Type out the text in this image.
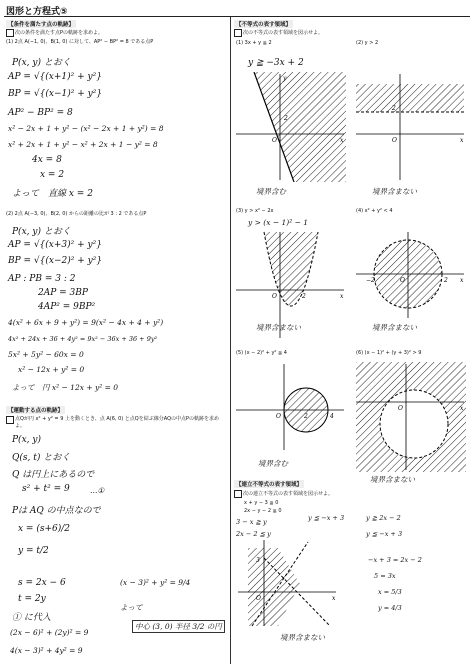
図形と方程式⑤
【条件を満たす点の軌跡】
次の条件を満たす点Pの軌跡を求めよ。
(1) 2点 A(−1, 0)、B(1, 0) に対して、AP² − BP² = 8 である点P
P(x, y) とおく
AP = √{(x+1)² + y²}
BP = √{(x−1)² + y²}
AP² − BP² = 8
x² − 2x + 1 + y² − (x² − 2x + 1 + y²) = 8
x² + 2x + 1 + y² − x² + 2x + 1 − y² = 8
4x = 8
x = 2
よって　直線 x = 2
(2) 2点 A(−3, 0)、B(2, 0) からの距離の比が 3 : 2 である点P
P(x, y) とおく
AP = √{(x+3)² + y²}
BP = √{(x−2)² + y²}
AP : PB = 3 : 2
2AP = 3BP
4AP² = 9BP²
4(x² + 6x + 9 + y²) = 9(x² − 4x + 4 + y²)
4x² + 24x + 36 + 4y² = 9x² − 36x + 36 + 9y²
5x² + 5y² − 60x = 0
x² − 12x + y² = 0
よって　円 x² − 12x + y² = 0
【運動する点の軌跡】
点Qが円 x² + y² = 9 上を動くとき、点 A(6, 0) と点Qを結ぶ線分AQの中点Pの軌跡を求めよ。
P(x, y)
Q(s, t) とおく
Q は円上にあるので
s² + t² = 9	…①
Pは AQ の中点なので
x = (s+6)/2
y = t/2
s = 2x − 6
t = 2y
① に代入
(2x − 6)² + (2y)² = 9
4(x − 3)² + 4y² = 9
(x − 3)² + y² = 9/4
よって
中心 (3, 0) 半径 3/2 の円
【不等式の表す領域】
次の不等式の表す領域を図示せよ。
(1) 3x + y ≧ 2
y ≧ −3x + 2
O
2
x
y
境界含む
(2) y > 2
O
2
x
境界含まない
(3) y > x² − 2x
y > (x − 1)² − 1
O	2	x
境界含まない
(4) x² + y² < 4
O
−2	2 x
境界含まない
(5) (x − 2)² + y² ≦ 4
O	2	4
境界含む
(6) (x − 1)² + (y + 3)² > 9
O	x
境界含まない
【連立不等式の表す領域】
次の連立不等式の表す領域を図示せよ。
x + y − 3 ≦ 0
2x − y − 2 ≧ 0
3 − x ≧ y
2x − 2 ≦ y
O
3
x
境界含まない
y ≦ −x + 3	y ≧ 2x − 2
y ≦ −x + 3
−x + 3 = 2x − 2
5 = 3x
x = 5/3
y = 4/3
